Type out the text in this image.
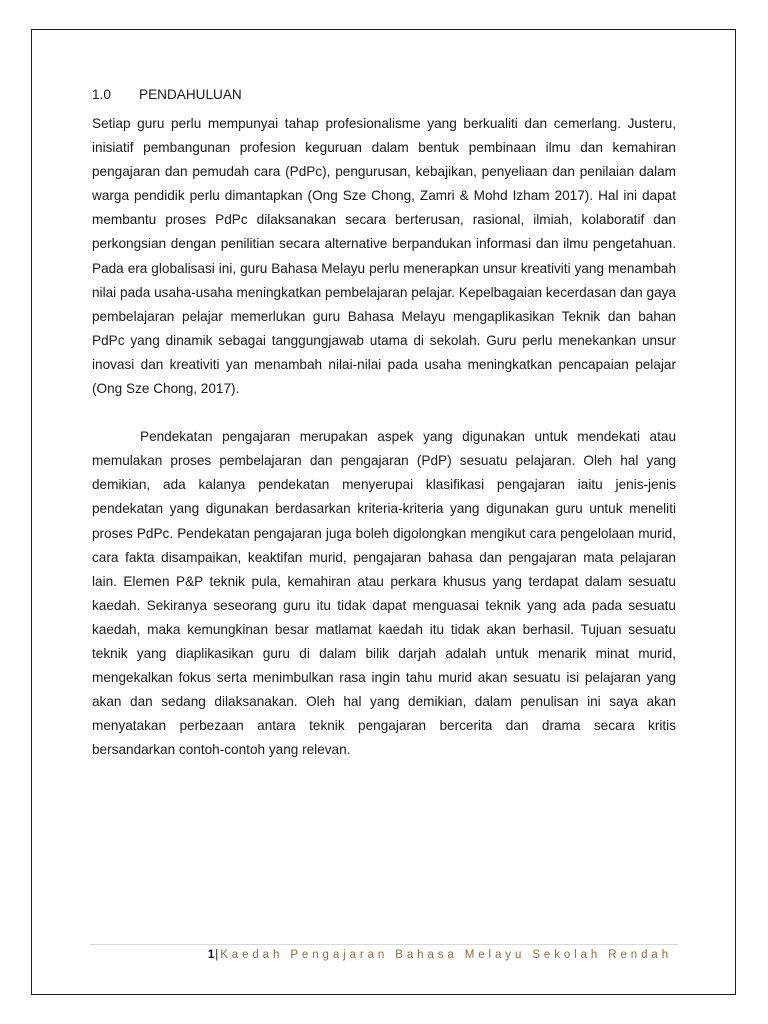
1.0	PENDAHULUAN

Setiap guru perlu mempunyai tahap profesionalisme yang berkualiti dan cemerlang. Justeru, inisiatif pembangunan profesion keguruan dalam bentuk pembinaan ilmu dan kemahiran pengajaran dan pemudah cara (PdPc), pengurusan, kebajikan, penyeliaan dan penilaian dalam warga pendidik perlu dimantapkan (Ong Sze Chong, Zamri & Mohd Izham 2017). Hal ini dapat membantu proses PdPc dilaksanakan secara berterusan, rasional, ilmiah, kolaboratif dan perkongsian dengan penilitian secara alternative berpandukan informasi dan ilmu pengetahuan. Pada era globalisasi ini, guru Bahasa Melayu perlu menerapkan unsur kreativiti yang menambah nilai pada usaha-usaha meningkatkan pembelajaran pelajar. Kepelbagaian kecerdasan dan gaya pembelajaran pelajar memerlukan guru Bahasa Melayu mengaplikasikan Teknik dan bahan PdPc yang dinamik sebagai tanggungjawab utama di sekolah. Guru perlu menekankan unsur inovasi dan kreativiti yan menambah nilai-nilai pada usaha meningkatkan pencapaian pelajar (Ong Sze Chong, 2017).

Pendekatan pengajaran merupakan aspek yang digunakan untuk mendekati atau memulakan proses pembelajaran dan pengajaran (PdP) sesuatu pelajaran. Oleh hal yang demikian, ada kalanya pendekatan menyerupai klasifikasi pengajaran iaitu jenis-jenis pendekatan yang digunakan berdasarkan kriteria-kriteria yang digunakan guru untuk meneliti proses PdPc. Pendekatan pengajaran juga boleh digolongkan mengikut cara pengelolaan murid, cara fakta disampaikan, keaktifan murid, pengajaran bahasa dan pengajaran mata pelajaran lain. Elemen P&P teknik pula, kemahiran atau perkara khusus yang terdapat dalam sesuatu kaedah. Sekiranya seseorang guru itu tidak dapat menguasai teknik yang ada pada sesuatu kaedah, maka kemungkinan besar matlamat kaedah itu tidak akan berhasil. Tujuan sesuatu teknik yang diaplikasikan guru di dalam bilik darjah adalah untuk menarik minat murid, mengekalkan fokus serta menimbulkan rasa ingin tahu murid akan sesuatu isi pelajaran yang akan dan sedang dilaksanakan. Oleh hal yang demikian, dalam penulisan ini saya akan menyatakan perbezaan antara teknik pengajaran bercerita dan drama secara kritis bersandarkan contoh-contoh yang relevan.

1| Kaedah Pengajaran Bahasa Melayu Sekolah Rendah
